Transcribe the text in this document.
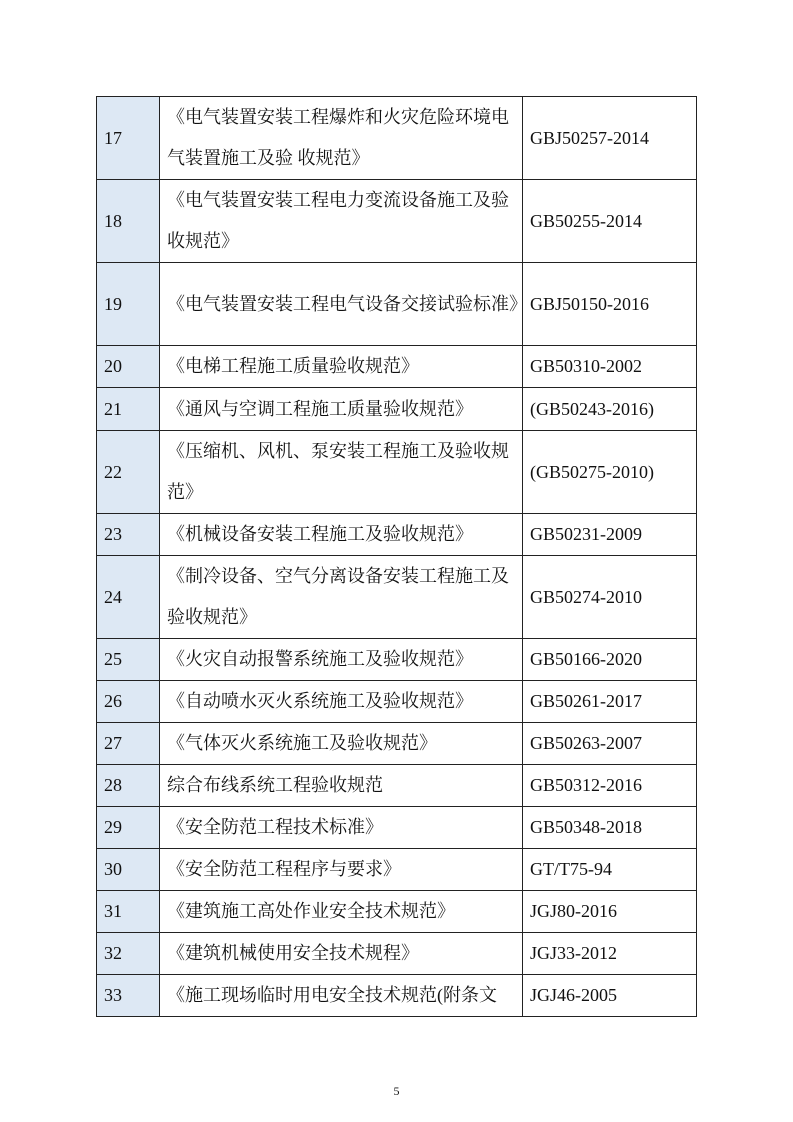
17	《电气装置安装工程爆炸和火灾危险环境电气装置施工及验 收规范》	GBJ50257-2014
18	《电气装置安装工程电力变流设备施工及验收规范》	GB50255-2014
19	《电气装置安装工程电气设备交接试验标准》	GBJ50150-2016
20	《电梯工程施工质量验收规范》	GB50310-2002
21	《通风与空调工程施工质量验收规范》	(GB50243-2016)
22	《压缩机、风机、泵安装工程施工及验收规范》	(GB50275-2010)
23	《机械设备安装工程施工及验收规范》	GB50231-2009
24	《制冷设备、空气分离设备安装工程施工及验收规范》	GB50274-2010
25	《火灾自动报警系统施工及验收规范》	GB50166-2020
26	《自动喷水灭火系统施工及验收规范》	GB50261-2017
27	《气体灭火系统施工及验收规范》	GB50263-2007
28	综合布线系统工程验收规范	GB50312-2016
29	《安全防范工程技术标准》	GB50348-2018
30	《安全防范工程程序与要求》	GT/T75-94
31	《建筑施工高处作业安全技术规范》	JGJ80-2016
32	《建筑机械使用安全技术规程》	JGJ33-2012
33	《施工现场临时用电安全技术规范(附条文	JGJ46-2005
5
